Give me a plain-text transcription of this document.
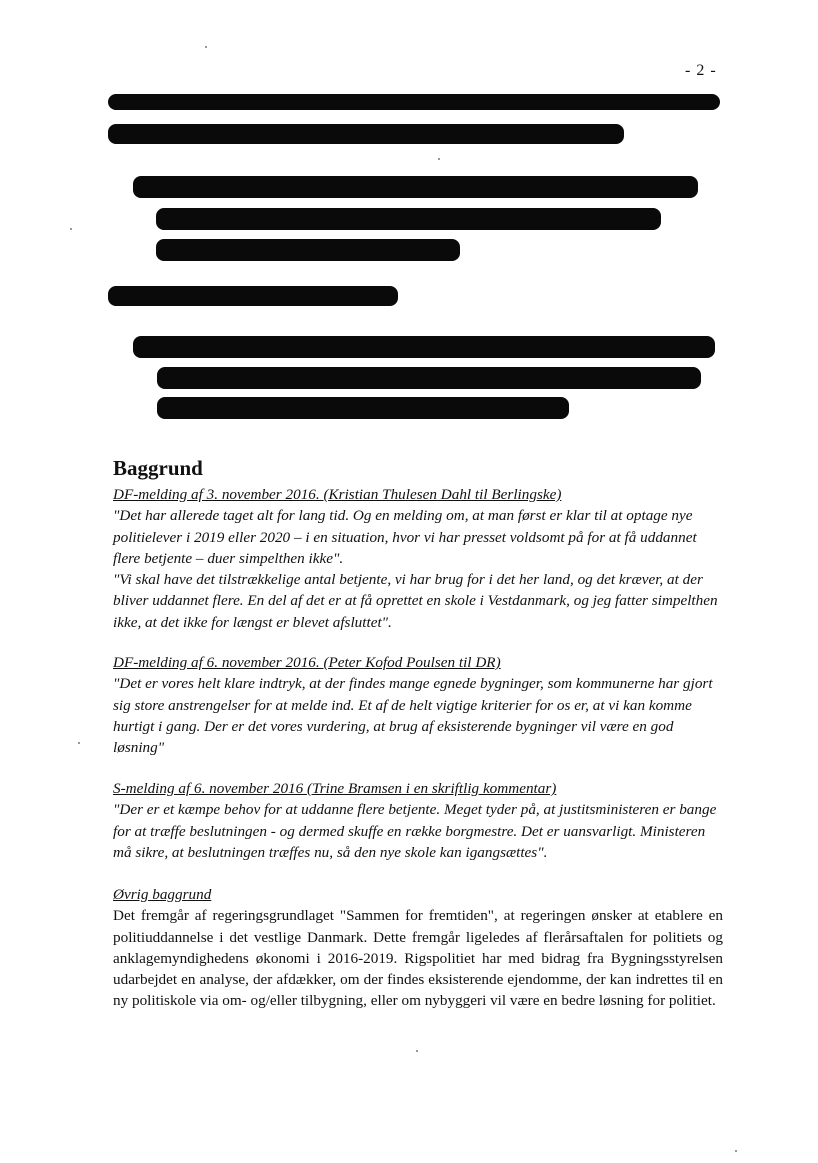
- 2 -
Baggrund
DF-melding af 3. november 2016. (Kristian Thulesen Dahl til Berlingske)

"Det har allerede taget alt for lang tid. Og en melding om, at man først er klar til at optage nye politielever i 2019 eller 2020 – i en situation, hvor vi har presset voldsomt på for at få uddannet flere betjente – duer simpelthen ikke".

"Vi skal have det tilstrækkelige antal betjente, vi har brug for i det her land, og det kræver, at der bliver uddannet flere. En del af det er at få oprettet en skole i Vestdanmark, og jeg fatter simpelthen ikke, at det ikke for længst er blevet afsluttet".

DF-melding af 6. november 2016. (Peter Kofod Poulsen til DR)

"Det er vores helt klare indtryk, at der findes mange egnede bygninger, som kommunerne har gjort sig store anstrengelser for at melde ind. Et af de helt vigtige kriterier for os er, at vi kan komme hurtigt i gang. Der er det vores vurdering, at brug af eksisterende bygninger vil være en god løsning"

S-melding af 6. november 2016 (Trine Bramsen i en skriftlig kommentar)

"Der er et kæmpe behov for at uddanne flere betjente. Meget tyder på, at justitsministeren er bange for at træffe beslutningen - og dermed skuffe en række borgmestre. Det er uansvarligt. Ministeren må sikre, at beslutningen træffes nu, så den nye skole kan igangsættes".

Øvrig baggrund

Det fremgår af regeringsgrundlaget "Sammen for fremtiden", at regeringen ønsker at etablere en politiuddannelse i det vestlige Danmark. Dette fremgår ligeledes af flerårsaftalen for politiets og anklagemyndighedens økonomi i 2016-2019. Rigspolitiet har med bidrag fra Bygningsstyrelsen udarbejdet en analyse, der afdækker, om der findes eksisterende ejendomme, der kan indrettes til en ny politiskole via om- og/eller tilbygning, eller om nybyggeri vil være en bedre løsning for politiet.
